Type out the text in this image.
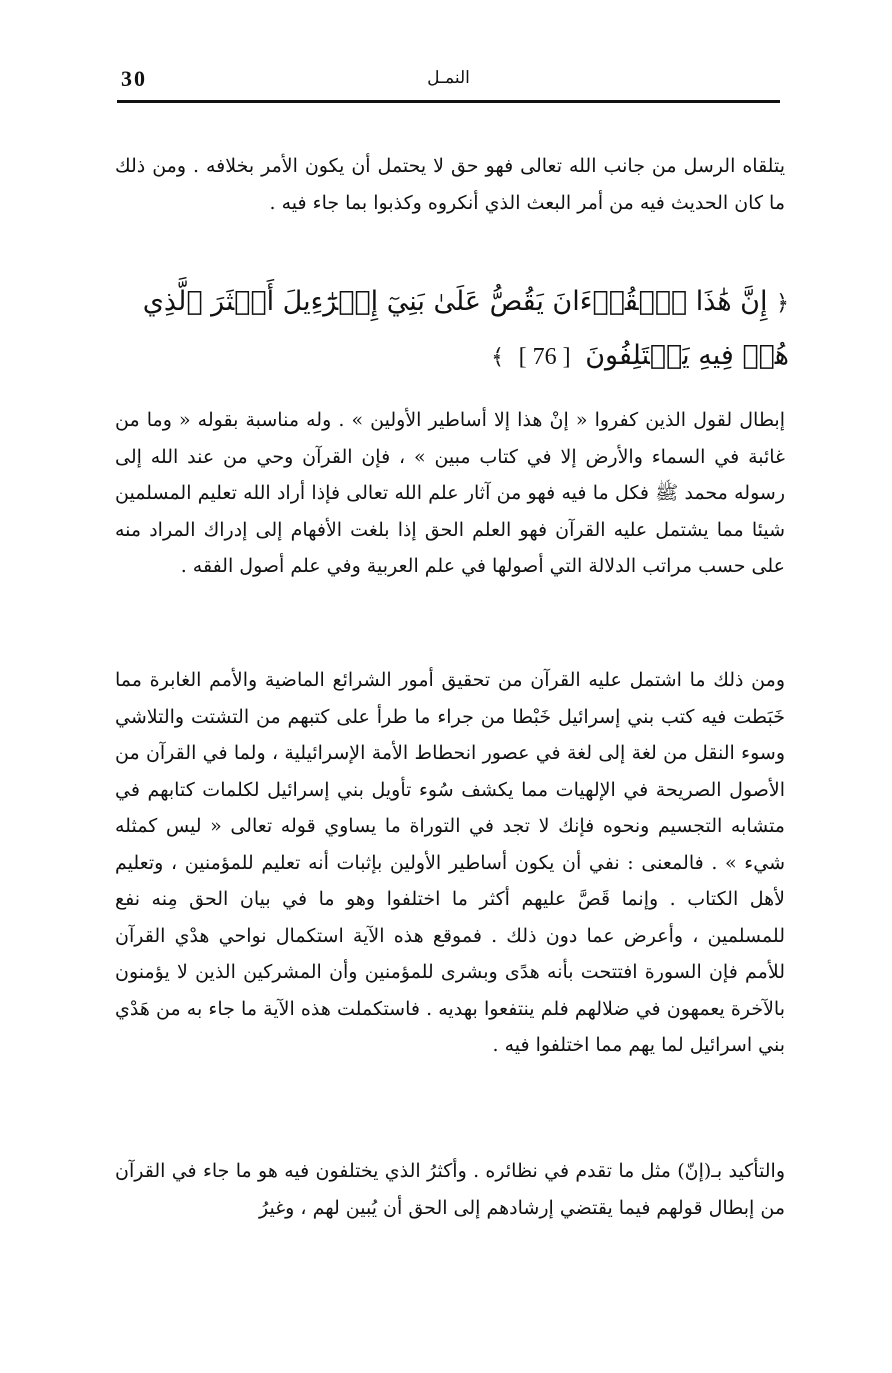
30	النمـل

يتلقاه الرسل من جانب الله تعالى فهو حق لا يحتمل أن يكون الأمر بخلافه . ومن ذلك ما كان الحديث فيه من أمر البعث الذي أنكروه وكذبوا بما جاء فيه .

﴿ إِنَّ هَٰذَا ٱلۡقُرۡءَانَ يَقُصُّ عَلَىٰ بَنِيٓ إِسۡرَٰٓءِيلَ أَكۡثَرَ ٱلَّذِي هُمۡ فِيهِ يَخۡتَلِفُونَ [ 76 ] ﴾

إبطال لقول الذين كفروا « إنْ هذا إلا أساطير الأولين » . وله مناسبة بقوله « وما من غائبة في السماء والأرض إلا في كتاب مبين » ، فإن القرآن وحي من عند الله إلى رسوله محمد ﷺ فكل ما فيه فهو من آثار علم الله تعالى فإذا أراد الله تعليم المسلمين شيئا مما يشتمل عليه القرآن فهو العلم الحق إذا بلغت الأفهام إلى إدراك المراد منه على حسب مراتب الدلالة التي أصولها في علم العربية وفي علم أصول الفقه .

ومن ذلك ما اشتمل عليه القرآن من تحقيق أمور الشرائع الماضية والأمم الغابرة مما خَبَطت فيه كتب بني إسرائيل خَبْطا من جراء ما طرأ على كتبهم من التشتت والتلاشي وسوء النقل من لغة إلى لغة في عصور انحطاط الأمة الإسرائيلية ، ولما في القرآن من الأصول الصريحة في الإلهيات مما يكشف سُوء تأويل بني إسرائيل لكلمات كتابهم في متشابه التجسيم ونحوه فإنك لا تجد في التوراة ما يساوي قوله تعالى « ليس كمثله شيء » . فالمعنى : نفي أن يكون أساطير الأولين بإثبات أنه تعليم للمؤمنين ، وتعليم لأهل الكتاب . وإنما قَصَّ عليهم أكثر ما اختلفوا وهو ما في بيان الحق مِنه نفع للمسلمين ، وأعرض عما دون ذلك . فموقع هذه الآية استكمال نواحي هدْي القرآن للأمم فإن السورة افتتحت بأنه هدًى وبشرى للمؤمنين وأن المشركين الذين لا يؤمنون بالآخرة يعمهون في ضلالهم فلم ينتفعوا بهديه . فاستكملت هذه الآية ما جاء به من هَدْي بني اسرائيل لما يهم مما اختلفوا فيه .

والتأكيد بـ(إنّ) مثل ما تقدم في نظائره . وأكثرُ الذي يختلفون فيه هو ما جاء في القرآن من إبطال قولهم فيما يقتضي إرشادهم إلى الحق أن يُبين لهم ، وغيرُ
